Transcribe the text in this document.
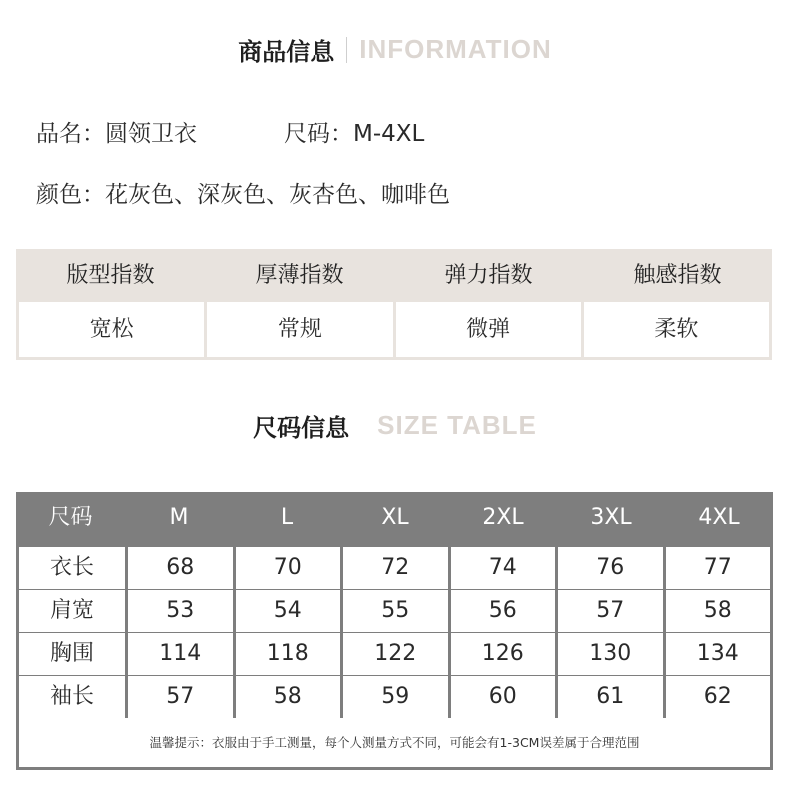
商品信息 INFORMATION
品名：圆领卫衣	尺码：M-4XL
颜色：花灰色、深灰色、灰杏色、咖啡色
版型指数	厚薄指数	弹力指数	触感指数
宽松	常规	微弹	柔软
尺码信息 SIZE TABLE
尺码	M	L	XL	2XL	3XL	4XL
衣长	68	70	72	74	76	77
肩宽	53	54	55	56	57	58
胸围	114	118	122	126	130	134
袖长	57	58	59	60	61	62
温馨提示：衣服由于手工测量，每个人测量方式不同，可能会有1-3CM误差属于合理范围
